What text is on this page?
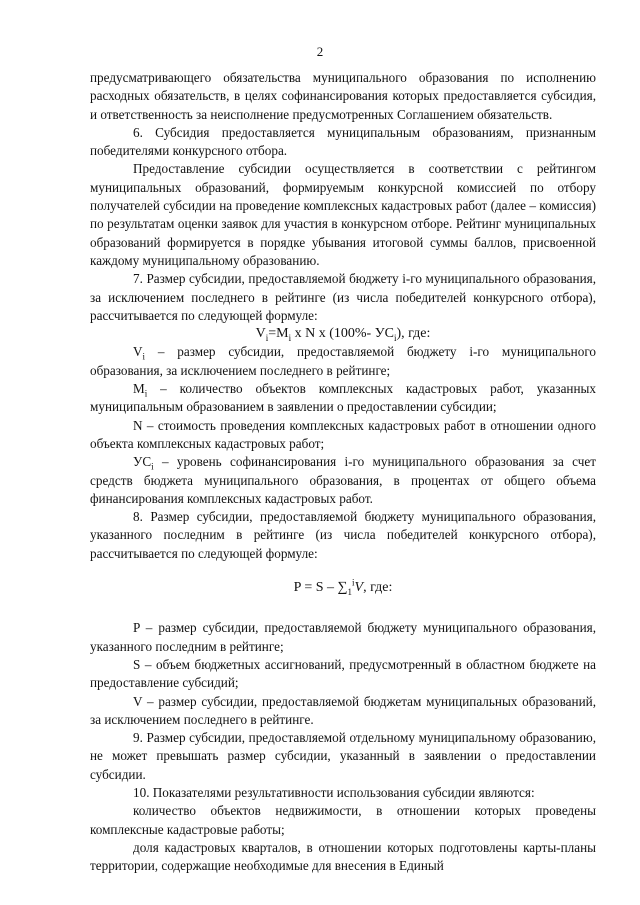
2

предусматривающего обязательства муниципального образования по исполнению расходных обязательств, в целях софинансирования которых предоставляется субсидия, и ответственность за неисполнение предусмотренных Соглашением обязательств.

6. Субсидия предоставляется муниципальным образованиям, признанным победителями конкурсного отбора.

Предоставление субсидии осуществляется в соответствии с рейтингом муниципальных образований, формируемым конкурсной комиссией по отбору получателей субсидии на проведение комплексных кадастровых работ (далее – комиссия) по результатам оценки заявок для участия в конкурсном отборе. Рейтинг муниципальных образований формируется в порядке убывания итоговой суммы баллов, присвоенной каждому муниципальному образованию.

7. Размер субсидии, предоставляемой бюджету i-го муниципального образования, за исключением последнего в рейтинге (из числа победителей конкурсного отбора), рассчитывается по следующей формуле:

$V_i=M_i$ x N x (100%- $УС_i$), где:

$V_i$ – размер субсидии, предоставляемой бюджету i-го муниципального образования, за исключением последнего в рейтинге;

$M_i$ – количество объектов комплексных кадастровых работ, указанных муниципальным образованием в заявлении о предоставлении субсидии;

N – стоимость проведения комплексных кадастровых работ в отношении одного объекта комплексных кадастровых работ;

$УС_i$ – уровень софинансирования i-го муниципального образования за счет средств бюджета муниципального образования, в процентах от общего объема финансирования комплексных кадастровых работ.

8. Размер субсидии, предоставляемой бюджету муниципального образования, указанного последним в рейтинге (из числа победителей конкурсного отбора), рассчитывается по следующей формуле:

$P = S - \sum_1^iV$, где:

P – размер субсидии, предоставляемой бюджету муниципального образования, указанного последним в рейтинге;

S – объем бюджетных ассигнований, предусмотренный в областном бюджете на предоставление субсидий;

V – размер субсидии, предоставляемой бюджетам муниципальных образований, за исключением последнего в рейтинге.

9. Размер субсидии, предоставляемой отдельному муниципальному образованию, не может превышать размер субсидии, указанный в заявлении о предоставлении субсидии.

10. Показателями результативности использования субсидии являются:

количество объектов недвижимости, в отношении которых проведены комплексные кадастровые работы;

доля кадастровых кварталов, в отношении которых подготовлены карты-планы территории, содержащие необходимые для внесения в Единый
